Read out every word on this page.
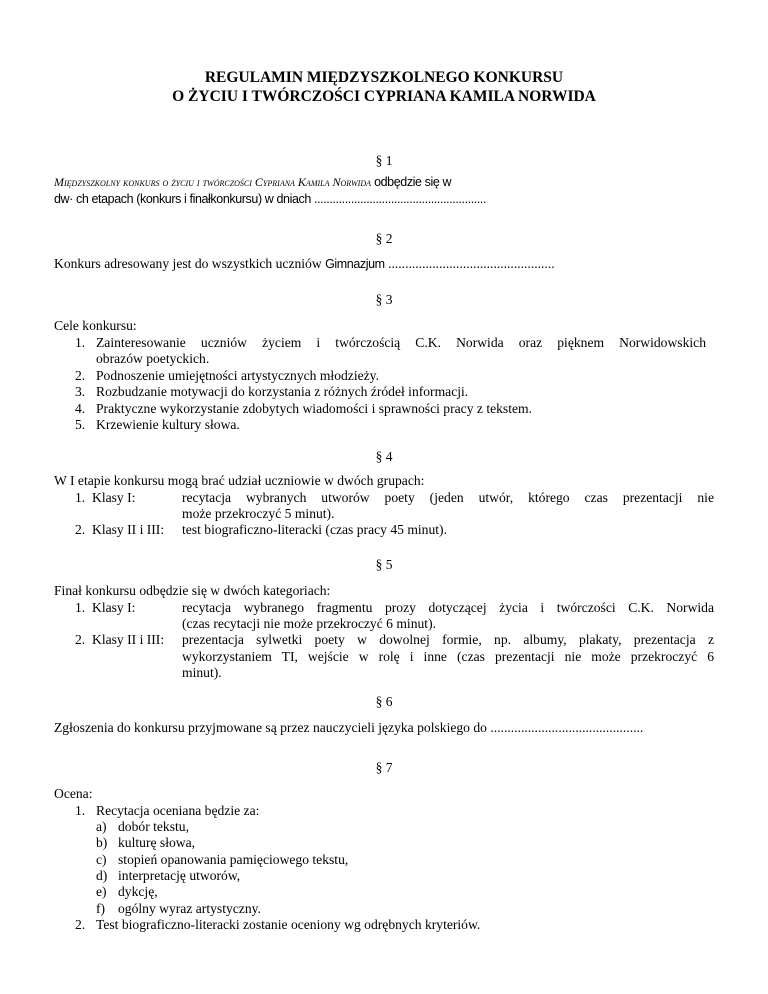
REGULAMIN MIĘDZYSZKOLNEGO KONKURSU
O ŻYCIU I TWÓRCZOŚCI CYPRIANA KAMILA NORWIDA
§ 1
Międzyszkolny konkurs o życiu i twórczości Cypriana Kamila Norwida odbędzie się w
dw· ch etapach (konkurs i finałkonkursu) w dniach ........................................................
§ 2
Konkurs adresowany jest do wszystkich uczniów Gimnazjum .................................................
§ 3
Cele konkursu:
1. Zainteresowanie uczniów życiem i twórczością C.K. Norwida oraz pięknem Norwidowskich
obrazów poetyckich.
2. Podnoszenie umiejętności artystycznych młodzieży.
3. Rozbudzanie motywacji do korzystania z różnych źródeł informacji.
4. Praktyczne wykorzystanie zdobytych wiadomości i sprawności pracy z tekstem.
5. Krzewienie kultury słowa.
§ 4
W I etapie konkursu mogą brać udział uczniowie w dwóch grupach:
1. Klasy I:	recytacja wybranych utworów poety (jeden utwór, którego czas prezentacji nie
może przekroczyć 5 minut).
2. Klasy II i III: test biograficzno-literacki (czas pracy 45 minut).
§ 5
Finał konkursu odbędzie się w dwóch kategoriach:
1. Klasy I:	recytacja wybranego fragmentu prozy dotyczącej życia i twórczości C.K. Norwida
(czas recytacji nie może przekroczyć 6 minut).
2. Klasy II i III: prezentacja sylwetki poety w dowolnej formie, np. albumy, plakaty, prezentacja z
wykorzystaniem TI, wejście w rolę i inne (czas prezentacji nie może przekroczyć 6
minut).
§ 6
Zgłoszenia do konkursu przyjmowane są przez nauczycieli języka polskiego do .............................................
§ 7
Ocena:
1. Recytacja oceniana będzie za:
a) dobór tekstu,
b) kulturę słowa,
c) stopień opanowania pamięciowego tekstu,
d) interpretację utworów,
e) dykcję,
f) ogólny wyraz artystyczny.
2. Test biograficzno-literacki zostanie oceniony wg odrębnych kryteriów.
